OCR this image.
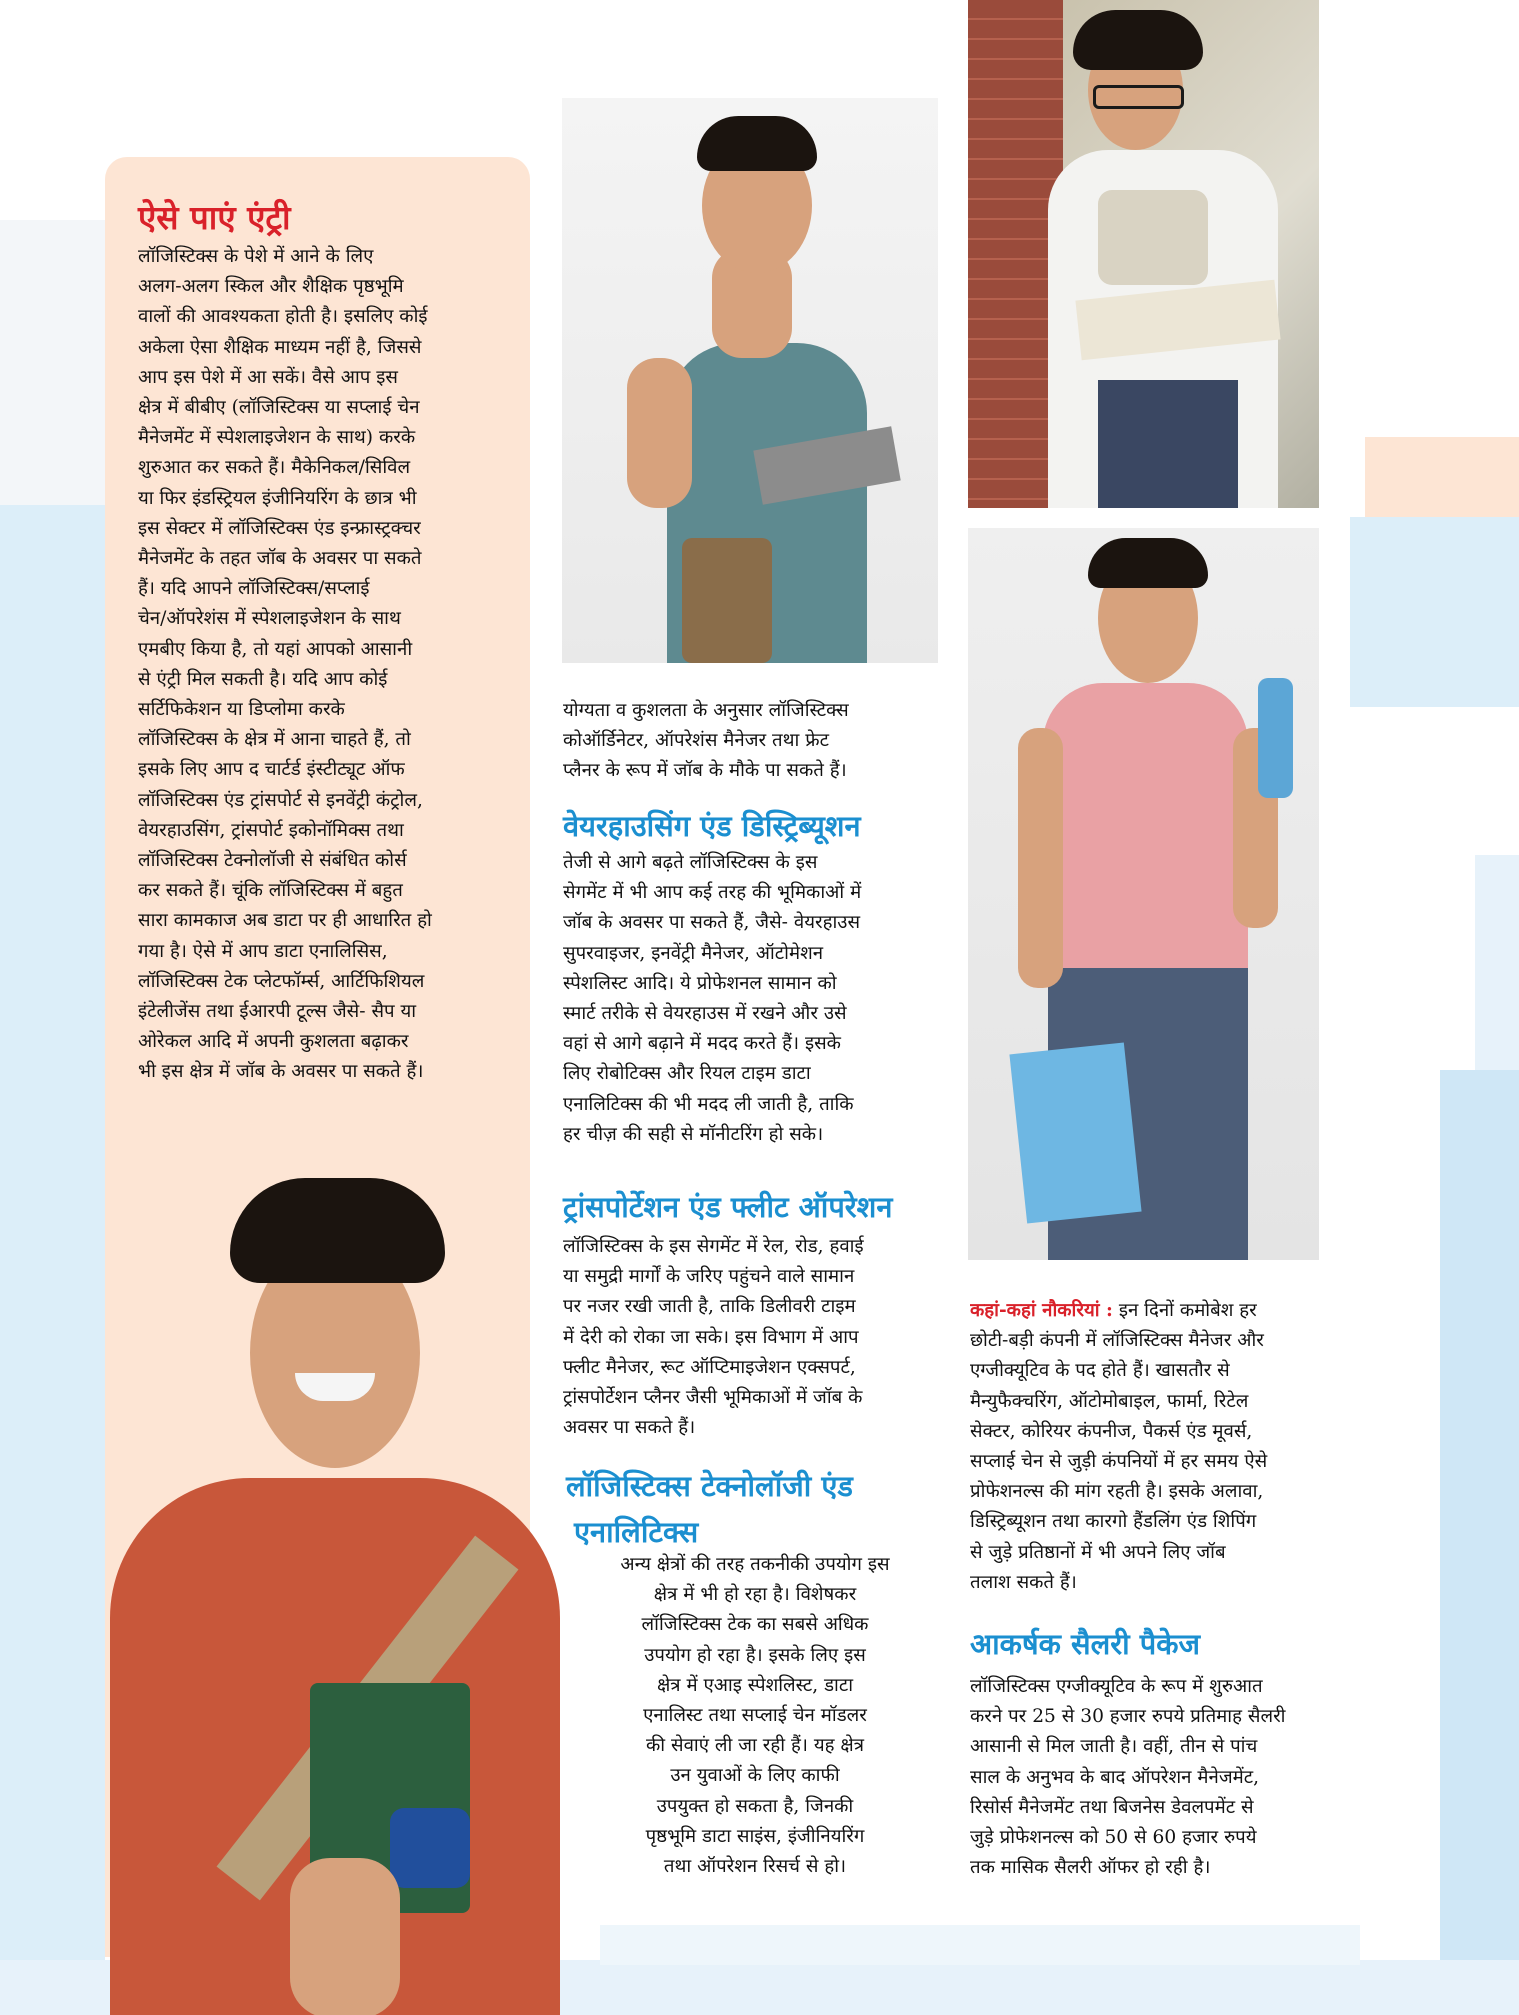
ऐसे पाएं एंट्री
लॉजिस्टिक्स के पेशे में आने के लिए
अलग-अलग स्किल और शैक्षिक पृष्ठभूमि
वालों की आवश्यकता होती है। इसलिए कोई
अकेला ऐसा शैक्षिक माध्यम नहीं है, जिससे
आप इस पेशे में आ सकें। वैसे आप इस
क्षेत्र में बीबीए (लॉजिस्टिक्स या सप्लाई चेन
मैनेजमेंट में स्पेशलाइजेशन के साथ) करके
शुरुआत कर सकते हैं। मैकेनिकल/सिविल
या फिर इंडस्ट्रियल इंजीनियरिंग के छात्र भी
इस सेक्टर में लॉजिस्टिक्स एंड इन्फ्रास्ट्रक्चर
मैनेजमेंट के तहत जॉब के अवसर पा सकते
हैं। यदि आपने लॉजिस्टिक्स/सप्लाई
चेन/ऑपरेशंस में स्पेशलाइजेशन के साथ
एमबीए किया है, तो यहां आपको आसानी
से एंट्री मिल सकती है। यदि आप कोई
सर्टिफिकेशन या डिप्लोमा करके
लॉजिस्टिक्स के क्षेत्र में आना चाहते हैं, तो
इसके लिए आप द चार्टर्ड इंस्टीट्यूट ऑफ
लॉजिस्टिक्स एंड ट्रांसपोर्ट से इनवेंट्री कंट्रोल,
वेयरहाउसिंग, ट्रांसपोर्ट इकोनॉमिक्स तथा
लॉजिस्टिक्स टेक्नोलॉजी से संबंधित कोर्स
कर सकते हैं। चूंकि लॉजिस्टिक्स में बहुत
सारा कामकाज अब डाटा पर ही आधारित हो
गया है। ऐसे में आप डाटा एनालिसिस,
लॉजिस्टिक्स टेक प्लेटफॉर्म्स, आर्टिफिशियल
इंटेलीजेंस तथा ईआरपी टूल्स जैसे- सैप या
ओरेकल आदि में अपनी कुशलता बढ़ाकर
भी इस क्षेत्र में जॉब के अवसर पा सकते हैं।
योग्यता व कुशलता के अनुसार लॉजिस्टिक्स
कोऑर्डिनेटर, ऑपरेशंस मैनेजर तथा फ्रेट
प्लैनर के रूप में जॉब के मौके पा सकते हैं।
वेयरहाउसिंग एंड डिस्ट्रिब्यूशन
तेजी से आगे बढ़ते लॉजिस्टिक्स के इस
सेगमेंट में भी आप कई तरह की भूमिकाओं में
जॉब के अवसर पा सकते हैं, जैसे- वेयरहाउस
सुपरवाइजर, इनवेंट्री मैनेजर, ऑटोमेशन
स्पेशलिस्ट आदि। ये प्रोफेशनल सामान को
स्मार्ट तरीके से वेयरहाउस में रखने और उसे
वहां से आगे बढ़ाने में मदद करते हैं। इसके
लिए रोबोटिक्स और रियल टाइम डाटा
एनालिटिक्स की भी मदद ली जाती है, ताकि
हर चीज़ की सही से मॉनीटरिंग हो सके।
ट्रांसपोर्टेशन एंड फ्लीट ऑपरेशन
लॉजिस्टिक्स के इस सेगमेंट में रेल, रोड, हवाई
या समुद्री मार्गों के जरिए पहुंचने वाले सामान
पर नजर रखी जाती है, ताकि डिलीवरी टाइम
में देरी को रोका जा सके। इस विभाग में आप
फ्लीट मैनेजर, रूट ऑप्टिमाइजेशन एक्सपर्ट,
ट्रांसपोर्टेशन प्लैनर जैसी भूमिकाओं में जॉब के
अवसर पा सकते हैं।
लॉजिस्टिक्स टेक्नोलॉजी एंड
एनालिटिक्स
अन्य क्षेत्रों की तरह तकनीकी उपयोग इस
क्षेत्र में भी हो रहा है। विशेषकर
लॉजिस्टिक्स टेक का सबसे अधिक
उपयोग हो रहा है। इसके लिए इस
क्षेत्र में एआइ स्पेशलिस्ट, डाटा
एनालिस्ट तथा सप्लाई चेन मॉडलर
की सेवाएं ली जा रही हैं। यह क्षेत्र
उन युवाओं के लिए काफी
उपयुक्त हो सकता है, जिनकी
पृष्ठभूमि डाटा साइंस, इंजीनियरिंग
तथा ऑपरेशन रिसर्च से हो।
कहां-कहां नौकरियां : इन दिनों कमोबेश हर
छोटी-बड़ी कंपनी में लॉजिस्टिक्स मैनेजर और
एग्जीक्यूटिव के पद होते हैं। खासतौर से
मैन्युफैक्चरिंग, ऑटोमोबाइल, फार्मा, रिटेल
सेक्टर, कोरियर कंपनीज, पैकर्स एंड मूवर्स,
सप्लाई चेन से जुड़ी कंपनियों में हर समय ऐसे
प्रोफेशनल्स की मांग रहती है। इसके अलावा,
डिस्ट्रिब्यूशन तथा कारगो हैंडलिंग एंड शिपिंग
से जुड़े प्रतिष्ठानों में भी अपने लिए जॉब
तलाश सकते हैं।
आकर्षक सैलरी पैकेज
लॉजिस्टिक्स एग्जीक्यूटिव के रूप में शुरुआत
करने पर 25 से 30 हजार रुपये प्रतिमाह सैलरी
आसानी से मिल जाती है। वहीं, तीन से पांच
साल के अनुभव के बाद ऑपरेशन मैनेजमेंट,
रिसोर्स मैनेजमेंट तथा बिजनेस डेवलपमेंट से
जुड़े प्रोफेशनल्स को 50 से 60 हजार रुपये
तक मासिक सैलरी ऑफर हो रही है।
